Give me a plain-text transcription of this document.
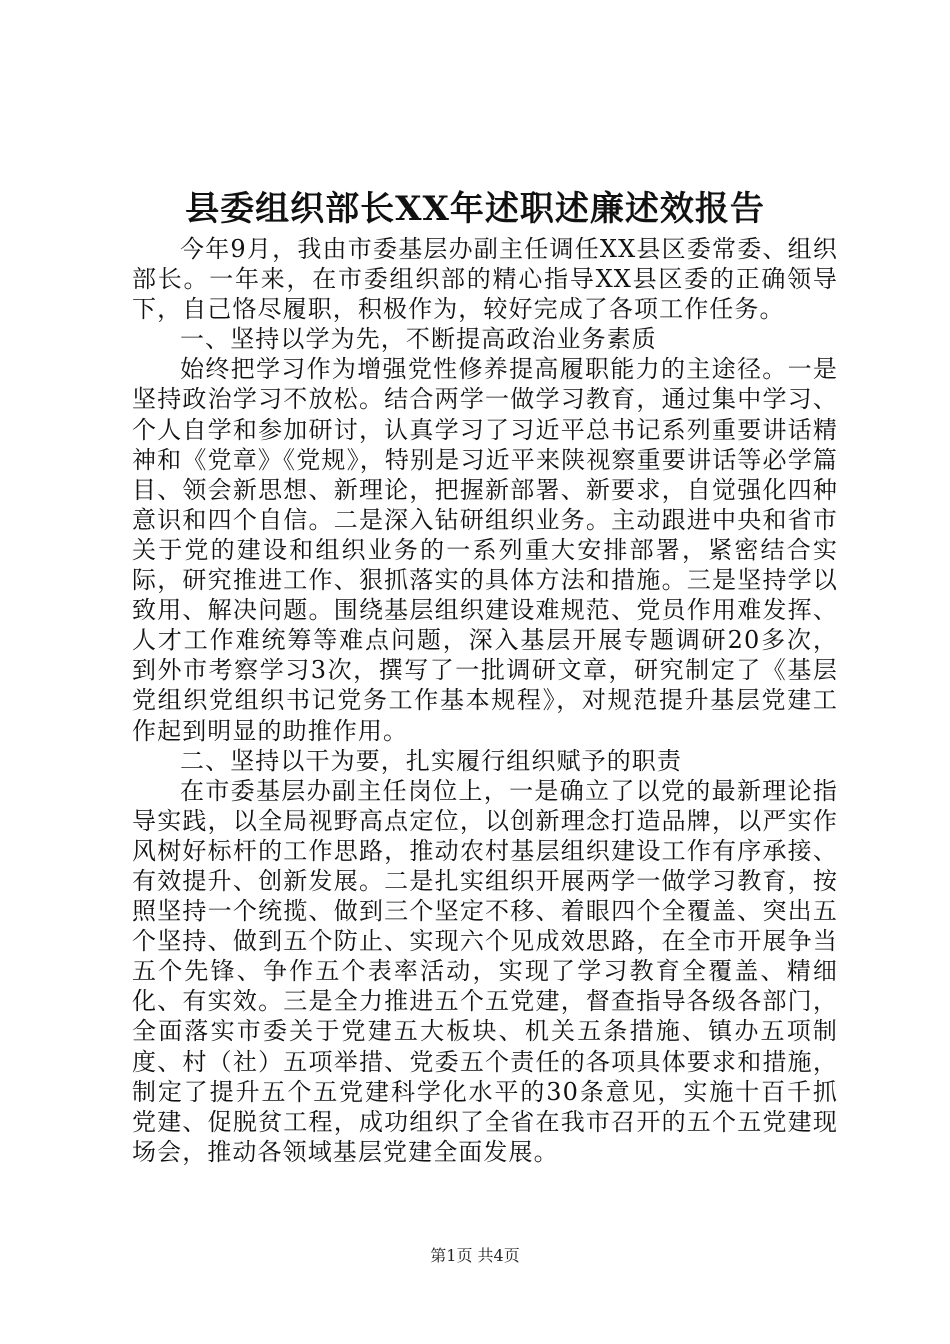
县委组织部长XX年述职述廉述效报告

今年9月，我由市委基层办副主任调任XX县区委常委、组织部长。一年来，在市委组织部的精心指导XX县区委的正确领导下，自己恪尽履职，积极作为，较好完成了各项工作任务。

一、坚持以学为先，不断提高政治业务素质

始终把学习作为增强党性修养提高履职能力的主途径。一是坚持政治学习不放松。结合两学一做学习教育，通过集中学习、个人自学和参加研讨，认真学习了习近平总书记系列重要讲话精神和《党章》《党规》，特别是习近平来陕视察重要讲话等必学篇目、领会新思想、新理论，把握新部署、新要求，自觉强化四种意识和四个自信。二是深入钻研组织业务。主动跟进中央和省市关于党的建设和组织业务的一系列重大安排部署，紧密结合实际，研究推进工作、狠抓落实的具体方法和措施。三是坚持学以致用、解决问题。围绕基层组织建设难规范、党员作用难发挥、人才工作难统筹等难点问题，深入基层开展专题调研20多次，到外市考察学习3次，撰写了一批调研文章，研究制定了《基层党组织党组织书记党务工作基本规程》，对规范提升基层党建工作起到明显的助推作用。

二、坚持以干为要，扎实履行组织赋予的职责

在市委基层办副主任岗位上，一是确立了以党的最新理论指导实践，以全局视野高点定位，以创新理念打造品牌，以严实作风树好标杆的工作思路，推动农村基层组织建设工作有序承接、有效提升、创新发展。二是扎实组织开展两学一做学习教育，按照坚持一个统揽、做到三个坚定不移、着眼四个全覆盖、突出五个坚持、做到五个防止、实现六个见成效思路，在全市开展争当五个先锋、争作五个表率活动，实现了学习教育全覆盖、精细化、有实效。三是全力推进五个五党建，督查指导各级各部门，全面落实市委关于党建五大板块、机关五条措施、镇办五项制度、村（社）五项举措、党委五个责任的各项具体要求和措施，制定了提升五个五党建科学化水平的30条意见，实施十百千抓党建、促脱贫工程，成功组织了全省在我市召开的五个五党建现场会，推动各领域基层党建全面发展。

第1页 共4页
